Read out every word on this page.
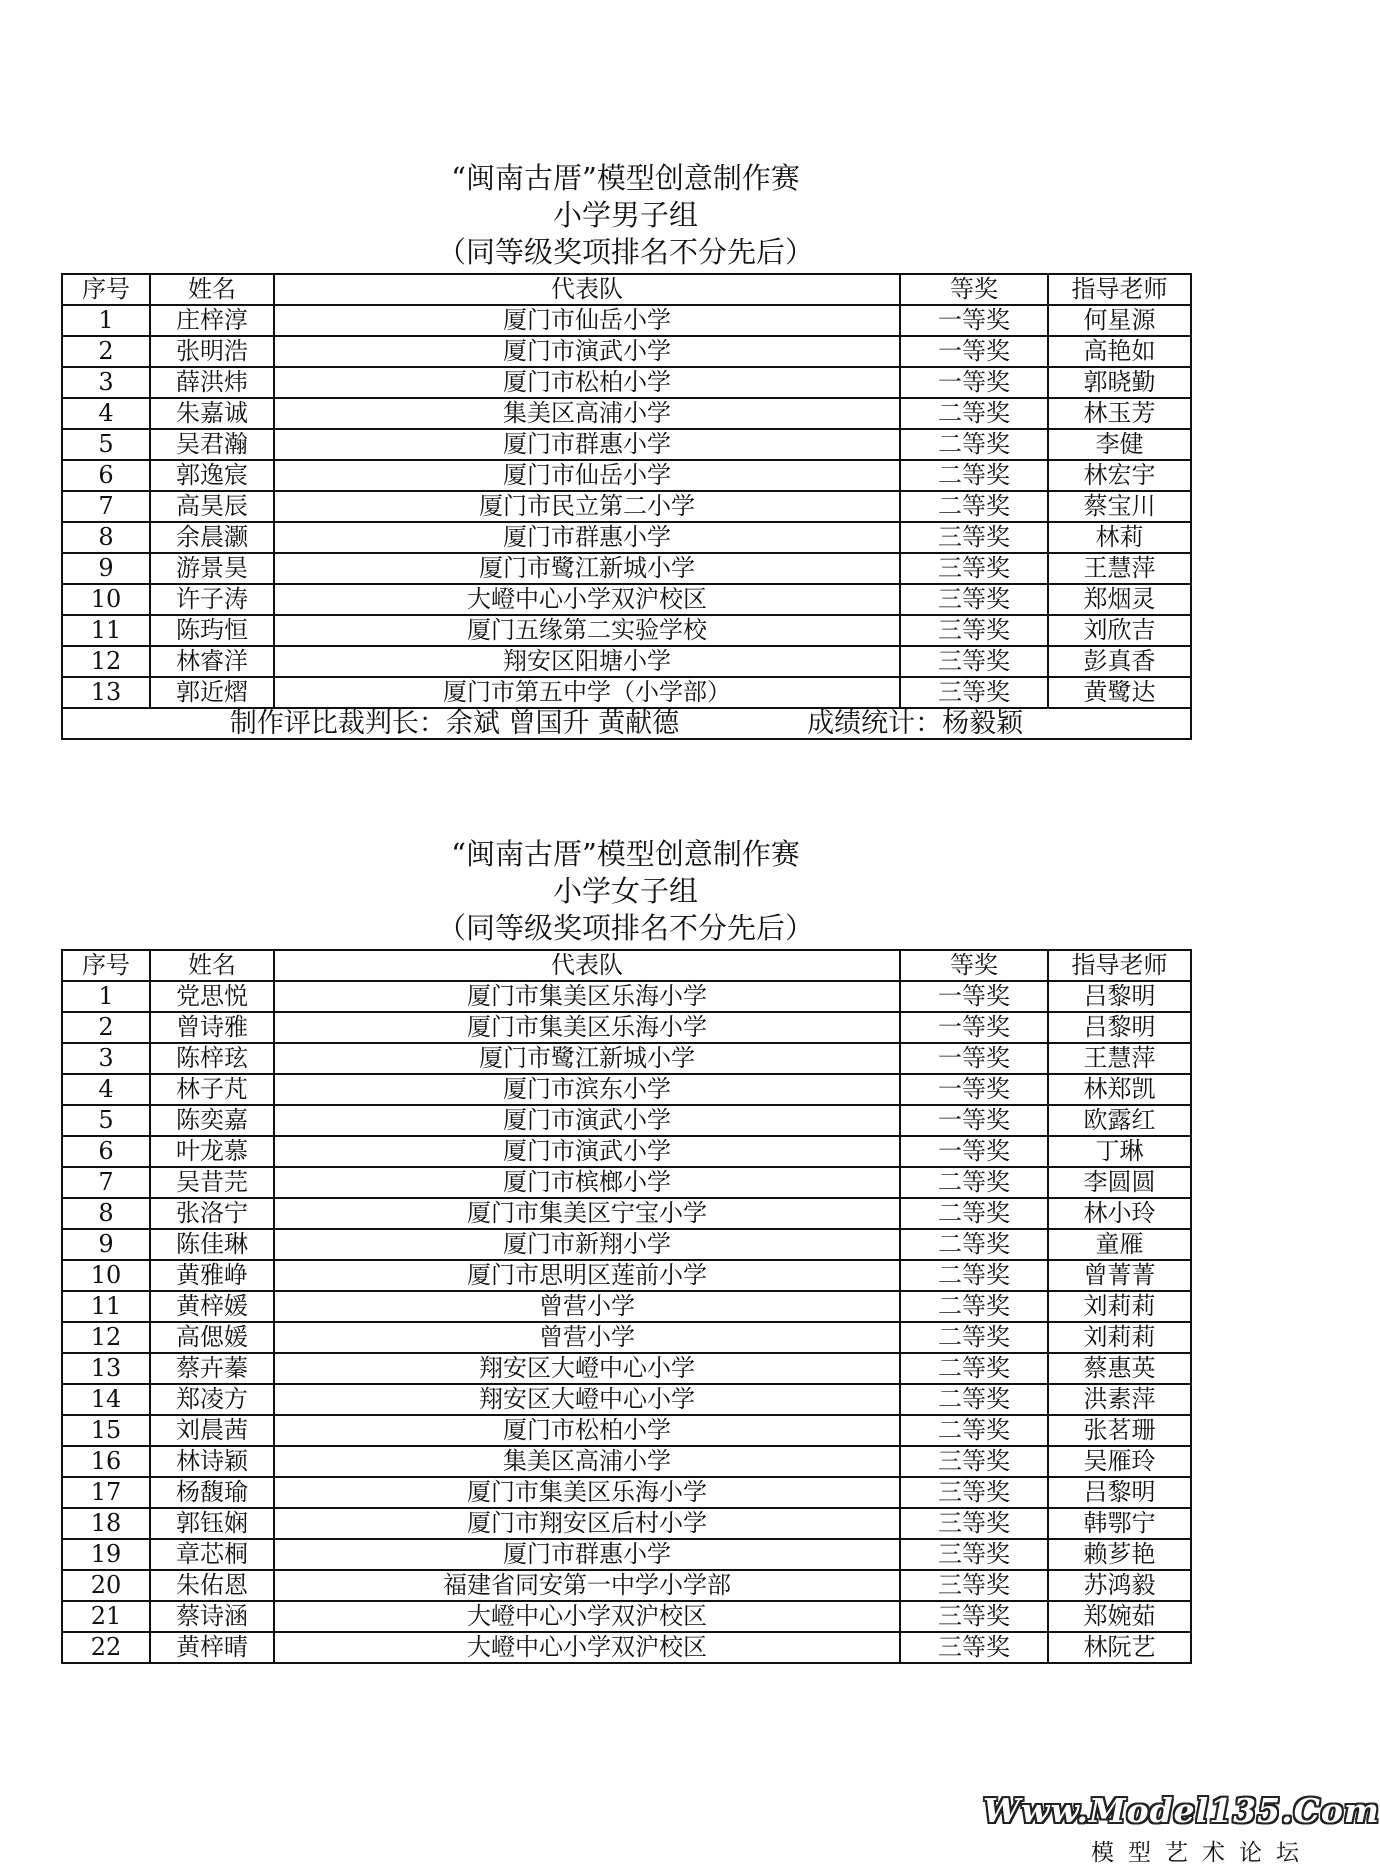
“闽南古厝”模型创意制作赛
小学男子组
（同等级奖项排名不分先后）
序号	姓名	代表队	等奖	指导老师
1	庄梓淳	厦门市仙岳小学	一等奖	何星源
2	张明浩	厦门市演武小学	一等奖	高艳如
3	薛洪炜	厦门市松柏小学	一等奖	郭晓勤
4	朱嘉诚	集美区高浦小学	二等奖	林玉芳
5	吴君瀚	厦门市群惠小学	二等奖	李健
6	郭逸宸	厦门市仙岳小学	二等奖	林宏宇
7	高昊辰	厦门市民立第二小学	二等奖	蔡宝川
8	余晨灏	厦门市群惠小学	三等奖	林莉
9	游景昊	厦门市鹭江新城小学	三等奖	王慧萍
10	许子涛	大嶝中心小学双沪校区	三等奖	郑烟灵
11	陈玙恒	厦门五缘第二实验学校	三等奖	刘欣吉
12	林睿洋	翔安区阳塘小学	三等奖	彭真香
13	郭近熠	厦门市第五中学（小学部）	三等奖	黄鹭达
制作评比裁判长：余斌 曾国升 黄献德 成绩统计：杨毅颖				
“闽南古厝”模型创意制作赛
小学女子组
（同等级奖项排名不分先后）
序号	姓名	代表队	等奖	指导老师
1	党思悦	厦门市集美区乐海小学	一等奖	吕黎明
2	曾诗雅	厦门市集美区乐海小学	一等奖	吕黎明
3	陈梓玹	厦门市鹭江新城小学	一等奖	王慧萍
4	林子芃	厦门市滨东小学	一等奖	林郑凯
5	陈奕嘉	厦门市演武小学	一等奖	欧露红
6	叶龙慕	厦门市演武小学	一等奖	丁琳
7	吴昔芫	厦门市槟榔小学	二等奖	李圆圆
8	张洛宁	厦门市集美区宁宝小学	二等奖	林小玲
9	陈佳琳	厦门市新翔小学	二等奖	童雁
10	黄雅峥	厦门市思明区莲前小学	二等奖	曾菁菁
11	黄梓媛	曾营小学	二等奖	刘莉莉
12	高偲媛	曾营小学	二等奖	刘莉莉
13	蔡卉蓁	翔安区大嶝中心小学	二等奖	蔡惠英
14	郑凌方	翔安区大嶝中心小学	二等奖	洪素萍
15	刘晨茜	厦门市松柏小学	二等奖	张茗珊
16	林诗颖	集美区高浦小学	三等奖	吴雁玲
17	杨馥瑜	厦门市集美区乐海小学	三等奖	吕黎明
18	郭钰娴	厦门市翔安区后村小学	三等奖	韩鄂宁
19	章芯桐	厦门市群惠小学	三等奖	赖芗艳
20	朱佑恩	福建省同安第一中学小学部	三等奖	苏鸿毅
21	蔡诗涵	大嶝中心小学双沪校区	三等奖	郑婉茹
22	黄梓晴	大嶝中心小学双沪校区	三等奖	林阮艺
Www.Model135.Com
模型艺术论坛
